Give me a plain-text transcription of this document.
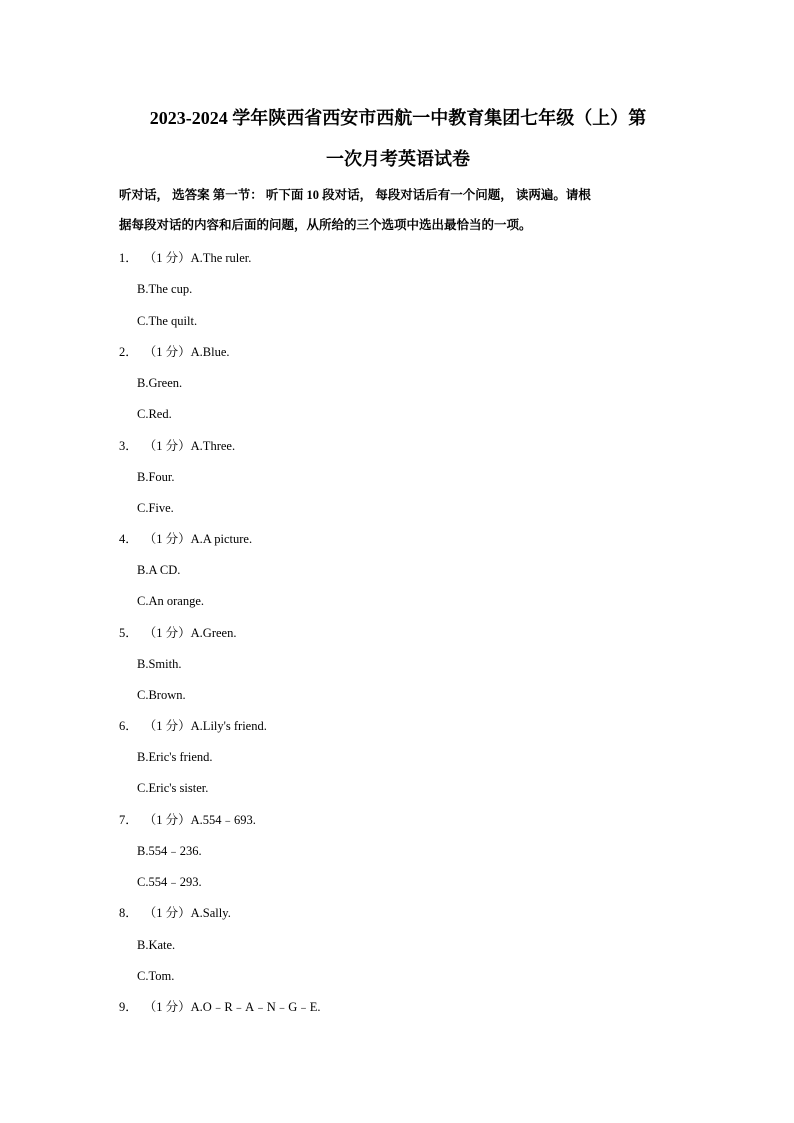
2023-2024 学年陕西省西安市西航一中教育集团七年级（上）第
一次月考英语试卷
听对话， 选答案 第一节： 听下面 10 段对话， 每段对话后有一个问题， 读两遍。请根
据每段对话的内容和后面的问题，从所给的三个选项中选出最恰当的一项。
1． （1 分）A.The ruler.
B.The cup.
C.The quilt.
2． （1 分）A.Blue.
B.Green.
C.Red.
3． （1 分）A.Three.
B.Four.
C.Five.
4． （1 分）A.A picture.
B.A CD.
C.An orange.
5． （1 分）A.Green.
B.Smith.
C.Brown.
6． （1 分）A.Lily's friend.
B.Eric's friend.
C.Eric's sister.
7． （1 分）A.554﹣693.
B.554﹣236.
C.554﹣293.
8． （1 分）A.Sally.
B.Kate.
C.Tom.
9． （1 分）A.O﹣R﹣A﹣N﹣G﹣E.
